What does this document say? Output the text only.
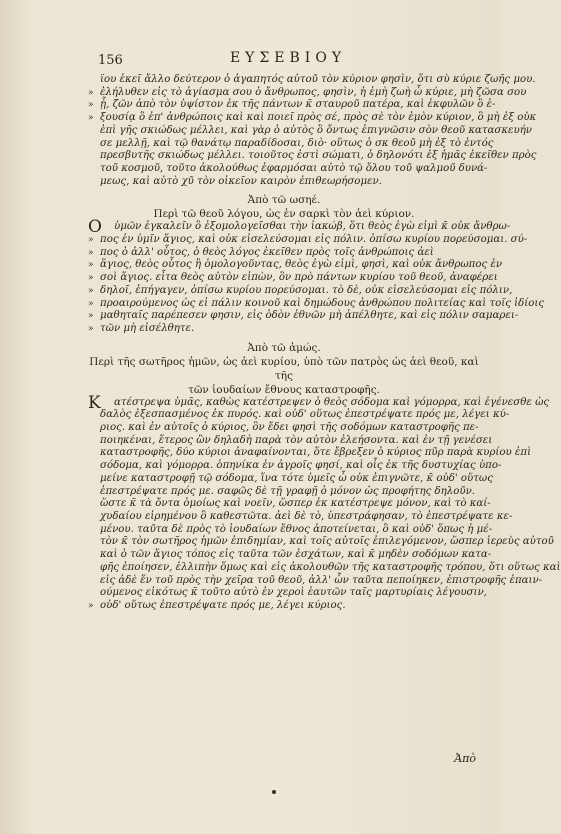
156	ΕΥΣΕΒΙΟΥ
ϊου ἐκεῖ ἄλλο δεύτερον ὁ ἀγαπητός αὐτοῦ τὸν κύριον φησὶν, ὅτι σὺ κύριε ζωῆς μου.
» ἐλήλυθεν εἰς τὸ ἁγίασμα σου ὁ ἄνθρωπος, φησὶν, ἡ ἐμὴ ζωὴ ὦ κύριε, μὴ ζῶσα σου
» ᾖ, ζῶν ἀπὸ τὸν ὑψίστον ἐκ τῆς πάντων κ̄ σταυροῦ πατέρα, καὶ ἐκφυλῶν ὃ ἐ-
» ξουσίᾳ ὃ ἐπ' ἀνθρώποις καὶ καὶ ποιεῖ πρὸς σέ, πρὸς σὲ τὸν ἐμὸν κύριον, ὃ μὴ ἐξ οὐκ
ἐπὶ γῆς σκιώδως μέλλει, καὶ γὰρ ὁ αὐτὸς ὃ ὄντως ἐπιγνῶσιν σὸν θεοῦ κατασκευήν
σε μελλῇ, καὶ τῷ θανάτῳ παραδίδοσαι, διὸ· οὕτως ὁ σκ θεοῦ μὴ ἐξ τὸ ἐντός
πρεσβυτῆς σκιώδως μέλλει. τοιοῦτος ἐστὶ σώματι, ὁ δηλονότι ἐξ ἡμᾶς ἐκεῖθεν πρὸς
τοῦ κοσμοῦ, τοῦτο ἀκολούθως ἐφαρμόσαι αὐτὸ τῷ ὅλου τοῦ ψαλμοῦ δυνά-
μεως, καὶ αὐτὸ χῦ τὸν οἰκεῖον καιρὸν ἐπιθεωρήσομεν.
Ἀπὸ τῶ ωσηέ.
Περὶ τῶ θεοῦ λόγου, ὡς ἐν σαρκὶ τὸν ἀεὶ κύριον.
Ο ὑμῶν ἐγκαλεῖν ὃ ἐξομολογεῖσθαι τὴν ἰακώβ, ὅτι θεὸς ἐγὼ εἰμὶ κ̄ οὐκ ἄνθρω-
» πος ἐν ὑμῖν ἅγιος, καὶ οὐκ εἰσελεύσομαι εἰς πόλιν. ὀπίσω κυρίου πορεύσομαι. σύ-
» πος ὁ ἀλλ' οὗτος, ὁ θεὸς λόγος ἐκεῖθεν πρὸς τοῖς ἀνθρώποις ἀεὶ
» ἅγιος, θεὸς οὗτος ἢ ὁμολογοῦντας, θεὸς ἐγὼ εἰμὶ, φησὶ, καὶ οὐκ ἄνθρωπος ἐν
» σοὶ ἅγιος. εἶτα θεὸς αὐτὸν εἰπὼν, ὃν πρὸ πάντων κυρίου τοῦ θεοῦ, ἀναφέρει
» δηλοῖ, ἐπήγαγεν, ὀπίσω κυρίου πορεύσομαι. τὸ δὲ, οὐκ εἰσελεύσομαι εἰς πόλιν,
» προαιρούμενος ὡς εἰ πάλιν κοινοῦ καὶ δημώδους ἀνθρώπου πολιτείας καὶ τοῖς ἰδίοις
» μαθηταῖς παρέπεσεν φησιν, εἰς ὁδὸν ἐθνῶν μὴ ἀπέλθητε, καὶ εἰς πόλιν σαμαρει-
» τῶν μὴ εἰσέλθητε.
Ἀπὸ τῶ ἀμώς.
Περὶ τῆς σωτῆρος ἡμῶν, ὡς ἀεὶ κυρίου, ὑπὸ τῶν πατρὸς ὡς ἀεὶ θεοῦ, καὶ τῆς
τῶν ἰουδαίων ἔθνους καταστροφῆς.
Κ ατέστρεψα ὑμᾶς, καθὼς κατέστρεψεν ὁ θεὸς σόδομα καὶ γόμορρα, καὶ ἐγένεσθε ὡς
δαλὸς ἐξεσπασμένος ἐκ πυρός. καὶ οὐδ' οὕτως ἐπεστρέψατε πρός με, λέγει κύ-
ριος. καὶ ἐν αὐτοῖς ὁ κύριος, ὃν ἔδει φησὶ τῆς σοδόμων καταστροφῆς πε-
ποιηκέναι, ἕτερος ὢν δηλαδὴ παρὰ τὸν αὐτὸν ἐλεήσοντα. καὶ ἐν τῇ γενέσει
καταστροφῆς, δύο κύριοι ἀναφαίνονται, ὅτε ἔβρεξεν ὁ κύριος πῦρ παρὰ κυρίου ἐπὶ
σόδομα, καὶ γόμορρα. ὁπηνίκα ἐν ἀγροῖς φησί, καὶ οἷς ἐκ τῆς δυστυχίας ὑπο-
μείνε καταστροφῇ τῷ σόδομα, ἵνα τότε ὑμεῖς ὦ οὐκ ἐπιγνῶτε, κ̄ οὐδ' οὕτως
ἐπεστρέψατε πρός με. σαφῶς δὲ τῇ γραφῇ ὁ μόνον ὡς προφήτης δηλοῦν.
ὥστε κ̄ τὰ ὄντα ὁμοίως καὶ νοεῖν, ὥσπερ ἐκ κατέστρεψε μόνον, καὶ τὸ καί-
χυδαίου εἰρημένου ὃ καθεστῶτα. ἀεὶ δὲ τὸ, ὑπεστράφησαν, τὸ ἐπεστρέψατε κε-
μένου. ταῦτα δὲ πρὸς τὸ ἰουδαίων ἔθνος ἀποτείνεται, ὃ καὶ οὐδ' ὅπως ἡ μέ-
τὸν κ̄ τὸν σωτῆρος ἡμῶν ἐπιδημίαν, καὶ τοῖς αὐτοῖς ἐπιλεγόμενον, ὥσπερ ἱερεὺς αὐτοῦ
καὶ ὁ τῶν ἅγιος τόπος εἰς ταῦτα τῶν ἐσχάτων, καὶ κ̄ μηδὲν σοδόμων κατα-
φῆς ἐποίησεν, ἐλλιπὴν ὅμως καὶ εἰς ἀκολουθῶν τῆς καταστροφῆς τρόπου, ὅτι οὕτως καὶ
εἰς ἀδὲ ἕν τοῦ πρὸς τὴν χεῖρα τοῦ θεοῦ, ἀλλ' ὧν ταῦτα πεποίηκεν, ἐπιστροφῆς ἐπαιν-
ούμενος εἰκότως κ̄ τοῦτο αὐτὸ ἐν χεροὶ ἑαυτῶν ταῖς μαρτυρίαις λέγουσιν,
» οὐδ' οὕτως ἐπεστρέψατε πρός με, λέγει κύριος.
Ἀπὸ
